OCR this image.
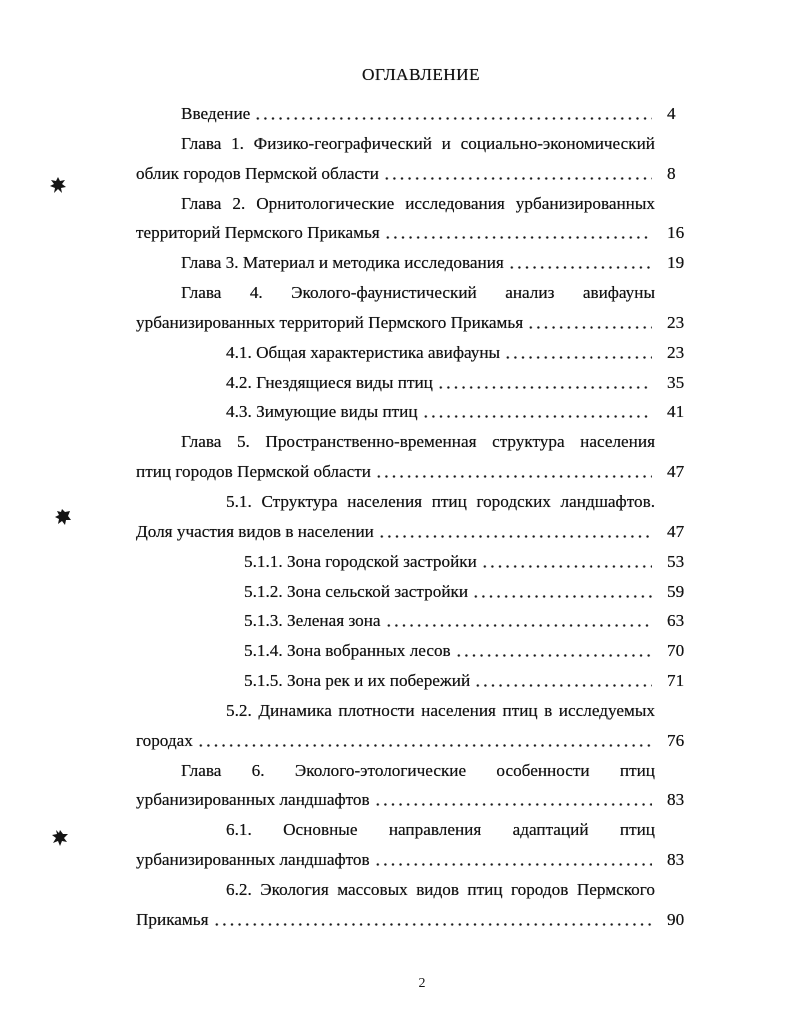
ОГЛАВЛЕНИЕ
Введение	4
Глава 1. Физико-географический и социально-экономический
облик городов Пермской области	8
Глава 2. Орнитологические исследования урбанизированных
территорий Пермского Прикамья	16
Глава 3. Материал и методика исследования	19
Глава 4. Эколого-фаунистический анализ авифауны
урбанизированных территорий Пермского Прикамья	23
4.1. Общая характеристика авифауны	23
4.2. Гнездящиеся виды птиц	35
4.3. Зимующие виды птиц	41
Глава 5. Пространственно-временная структура населения
птиц городов Пермской области	47
5.1. Структура населения птиц городских ландшафтов.
Доля участия видов в населении	47
5.1.1. Зона городской застройки	53
5.1.2. Зона сельской застройки	59
5.1.3. Зеленая зона	63
5.1.4. Зона вобранных лесов	70
5.1.5. Зона рек и их побережий	71
5.2. Динамика плотности населения птиц в исследуемых
городах	76
Глава 6. Эколого-этологические особенности птиц
урбанизированных ландшафтов	83
6.1. Основные направления адаптаций птиц
урбанизированных ландшафтов	83
6.2. Экология массовых видов птиц городов Пермского
Прикамья	90
2
